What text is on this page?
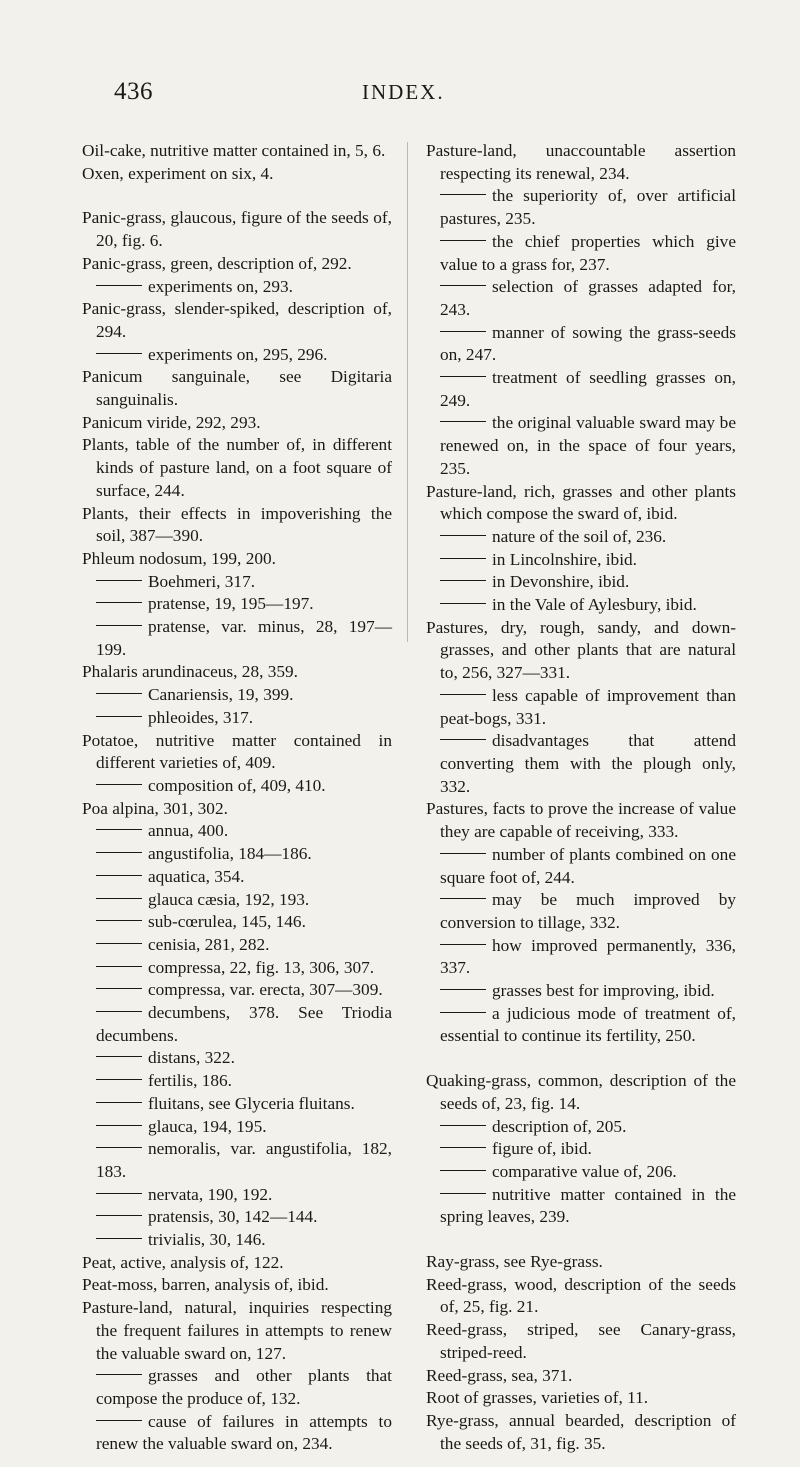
436	INDEX.

Oil-cake, nutritive matter contained in, 5, 6.

Oxen, experiment on six, 4.

Panic-grass, glaucous, figure of the seeds of, 20, fig. 6.

Panic-grass, green, description of, 292.

experiments on, 293.

Panic-grass, slender-spiked, description of, 294.

experiments on, 295, 296.

Panicum sanguinale, see Digitaria sanguinalis.

Panicum viride, 292, 293.

Plants, table of the number of, in different kinds of pasture land, on a foot square of surface, 244.

Plants, their effects in impoverishing the soil, 387—390.

Phleum nodosum, 199, 200.

Boehmeri, 317.

pratense, 19, 195—197.

pratense, var. minus, 28, 197—199.

Phalaris arundinaceus, 28, 359.

Canariensis, 19, 399.

phleoides, 317.

Potatoe, nutritive matter contained in different varieties of, 409.

composition of, 409, 410.

Poa alpina, 301, 302.

annua, 400.

angustifolia, 184—186.

aquatica, 354.

glauca cæsia, 192, 193.

sub-cœrulea, 145, 146.

cenisia, 281, 282.

compressa, 22, fig. 13, 306, 307.

compressa, var. erecta, 307—309.

decumbens, 378. See Triodia decumbens.

distans, 322.

fertilis, 186.

fluitans, see Glyceria fluitans.

glauca, 194, 195.

nemoralis, var. angustifolia, 182, 183.

nervata, 190, 192.

pratensis, 30, 142—144.

trivialis, 30, 146.

Peat, active, analysis of, 122.

Peat-moss, barren, analysis of, ibid.

Pasture-land, natural, inquiries respecting the frequent failures in attempts to renew the valuable sward on, 127.

grasses and other plants that compose the produce of, 132.

cause of failures in attempts to renew the valuable sward on, 234.

Pasture-land, unaccountable assertion respecting its renewal, 234.

the superiority of, over artificial pastures, 235.

the chief properties which give value to a grass for, 237.

selection of grasses adapted for, 243.

manner of sowing the grass-seeds on, 247.

treatment of seedling grasses on, 249.

the original valuable sward may be renewed on, in the space of four years, 235.

Pasture-land, rich, grasses and other plants which compose the sward of, ibid.

nature of the soil of, 236.

in Lincolnshire, ibid.

in Devonshire, ibid.

in the Vale of Aylesbury, ibid.

Pastures, dry, rough, sandy, and down-grasses, and other plants that are natural to, 256, 327—331.

less capable of improvement than peat-bogs, 331.

disadvantages that attend converting them with the plough only, 332.

Pastures, facts to prove the increase of value they are capable of receiving, 333.

number of plants combined on one square foot of, 244.

may be much improved by conversion to tillage, 332.

how improved permanently, 336, 337.

grasses best for improving, ibid.

a judicious mode of treatment of, essential to continue its fertility, 250.

Quaking-grass, common, description of the seeds of, 23, fig. 14.

description of, 205.

figure of, ibid.

comparative value of, 206.

nutritive matter contained in the spring leaves, 239.

Ray-grass, see Rye-grass.

Reed-grass, wood, description of the seeds of, 25, fig. 21.

Reed-grass, striped, see Canary-grass, striped-reed.

Reed-grass, sea, 371.

Root of grasses, varieties of, 11.

Rye-grass, annual bearded, description of the seeds of, 31, fig. 35.
